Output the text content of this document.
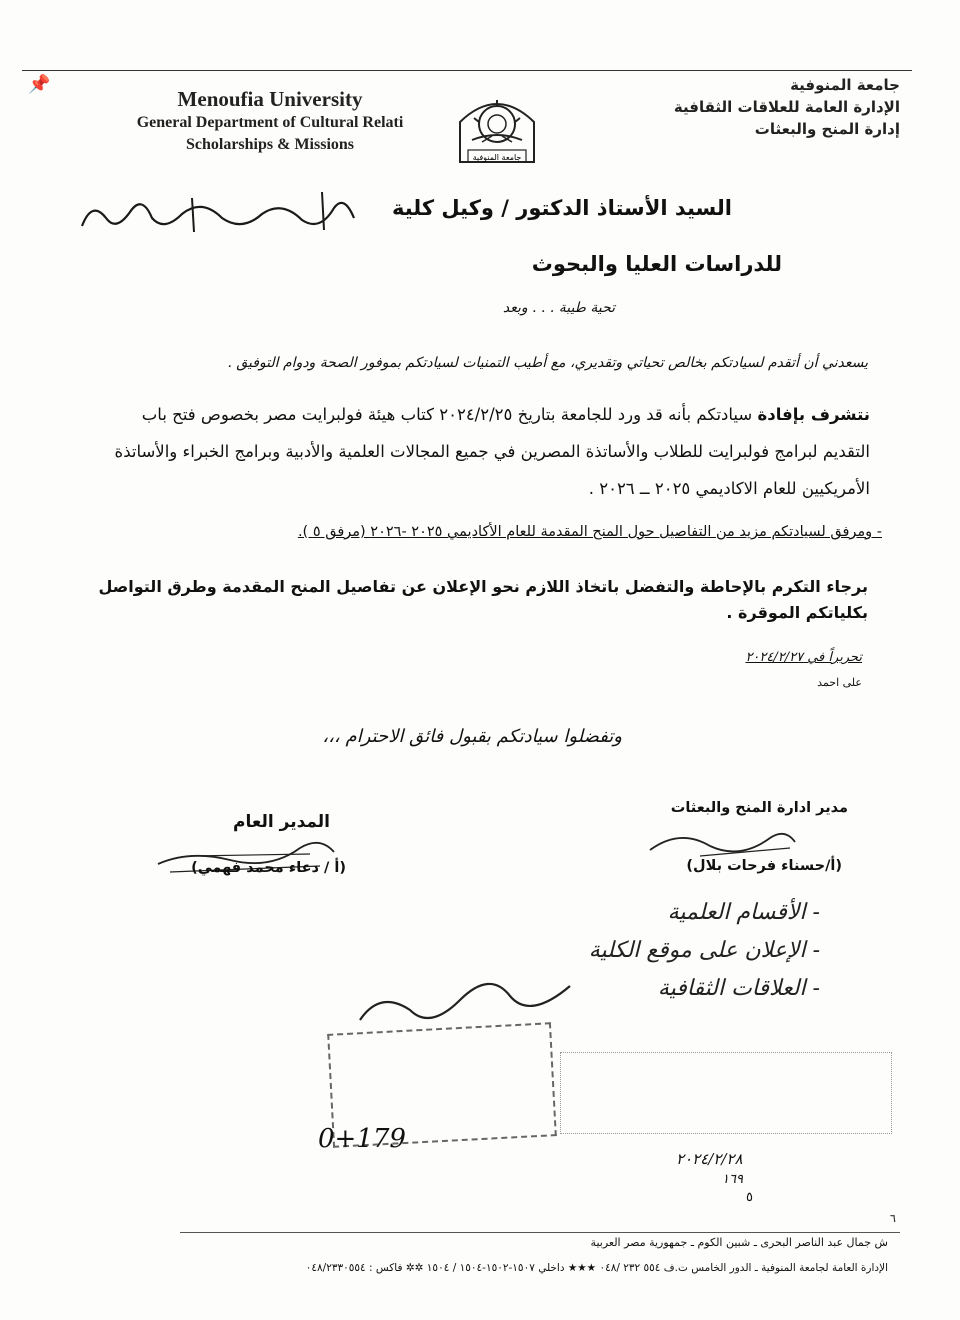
📌
Menoufia University
General Department of Cultural Relati
Scholarships & Missions
جامعة المنوفية
جامعة المنوفية
الإدارة العامة للعلاقات الثقافية
إدارة المنح والبعثات
السيد الأستاذ الدكتور / وكيل كلية
الحاسبات والمعلومات
للدراسات العليا والبحوث
تحية طيبة . . . وبعد
يسعدني أن أتقدم لسيادتكم بخالص تحياتي وتقديري، مع أطيب التمنيات لسيادتكم بموفور الصحة ودوام التوفيق .
نتشرف بإفادة سيادتكم بأنه قد ورد للجامعة بتاريخ ٢٠٢٤/٢/٢٥ كتاب هيئة فولبرايت مصر بخصوص فتح باب التقديم لبرامج فولبرايت للطلاب والأساتذة المصرين في جميع المجالات العلمية والأدبية وبرامج الخبراء والأساتذة الأمريكيين للعام الاكاديمي ٢٠٢٥ ــ ٢٠٢٦ .
- ومرفق لسيادتكم مزيد من التفاصيل حول المنح المقدمة للعام الأكاديمي ٢٠٢٥ -٢٠٢٦ (مرفق ٥ ).
برجاء التكرم بالإحاطة والتفضل باتخاذ اللازم نحو الإعلان عن تفاصيل المنح المقدمة وطرق التواصل بكلياتكم الموقرة .
تحريراً في ٢٠٢٤/٢/٢٧
على احمد
وتفضلوا سيادتكم بقبول فائق الاحترام ،،،
مدير ادارة المنح والبعثات
(أ/حسناء فرحات بلال)
المدير العام
(أ / دعاء محمد فهمي)
- الأقسام العلمية
- الإعلان على موقع الكلية
- العلاقات الثقافية
0+179
٢٠٢٤/٢/٢٨
١٦٩
٥
٦
ش جمال عبد الناصر البحرى ـ شبين الكوم ـ جمهورية مصر العربية
الإدارة العامة لجامعة المنوفية ـ الدور الخامس ت.ف ٥٥٤ ٢٣٢ /٠٤٨ ★★★ داخلي ١٥٠٧-١٥٠٢-١٥٠٤ / ١٥٠٤ ✲✲ فاكس : ٠٤٨/٢٣٣٠٥٥٤
